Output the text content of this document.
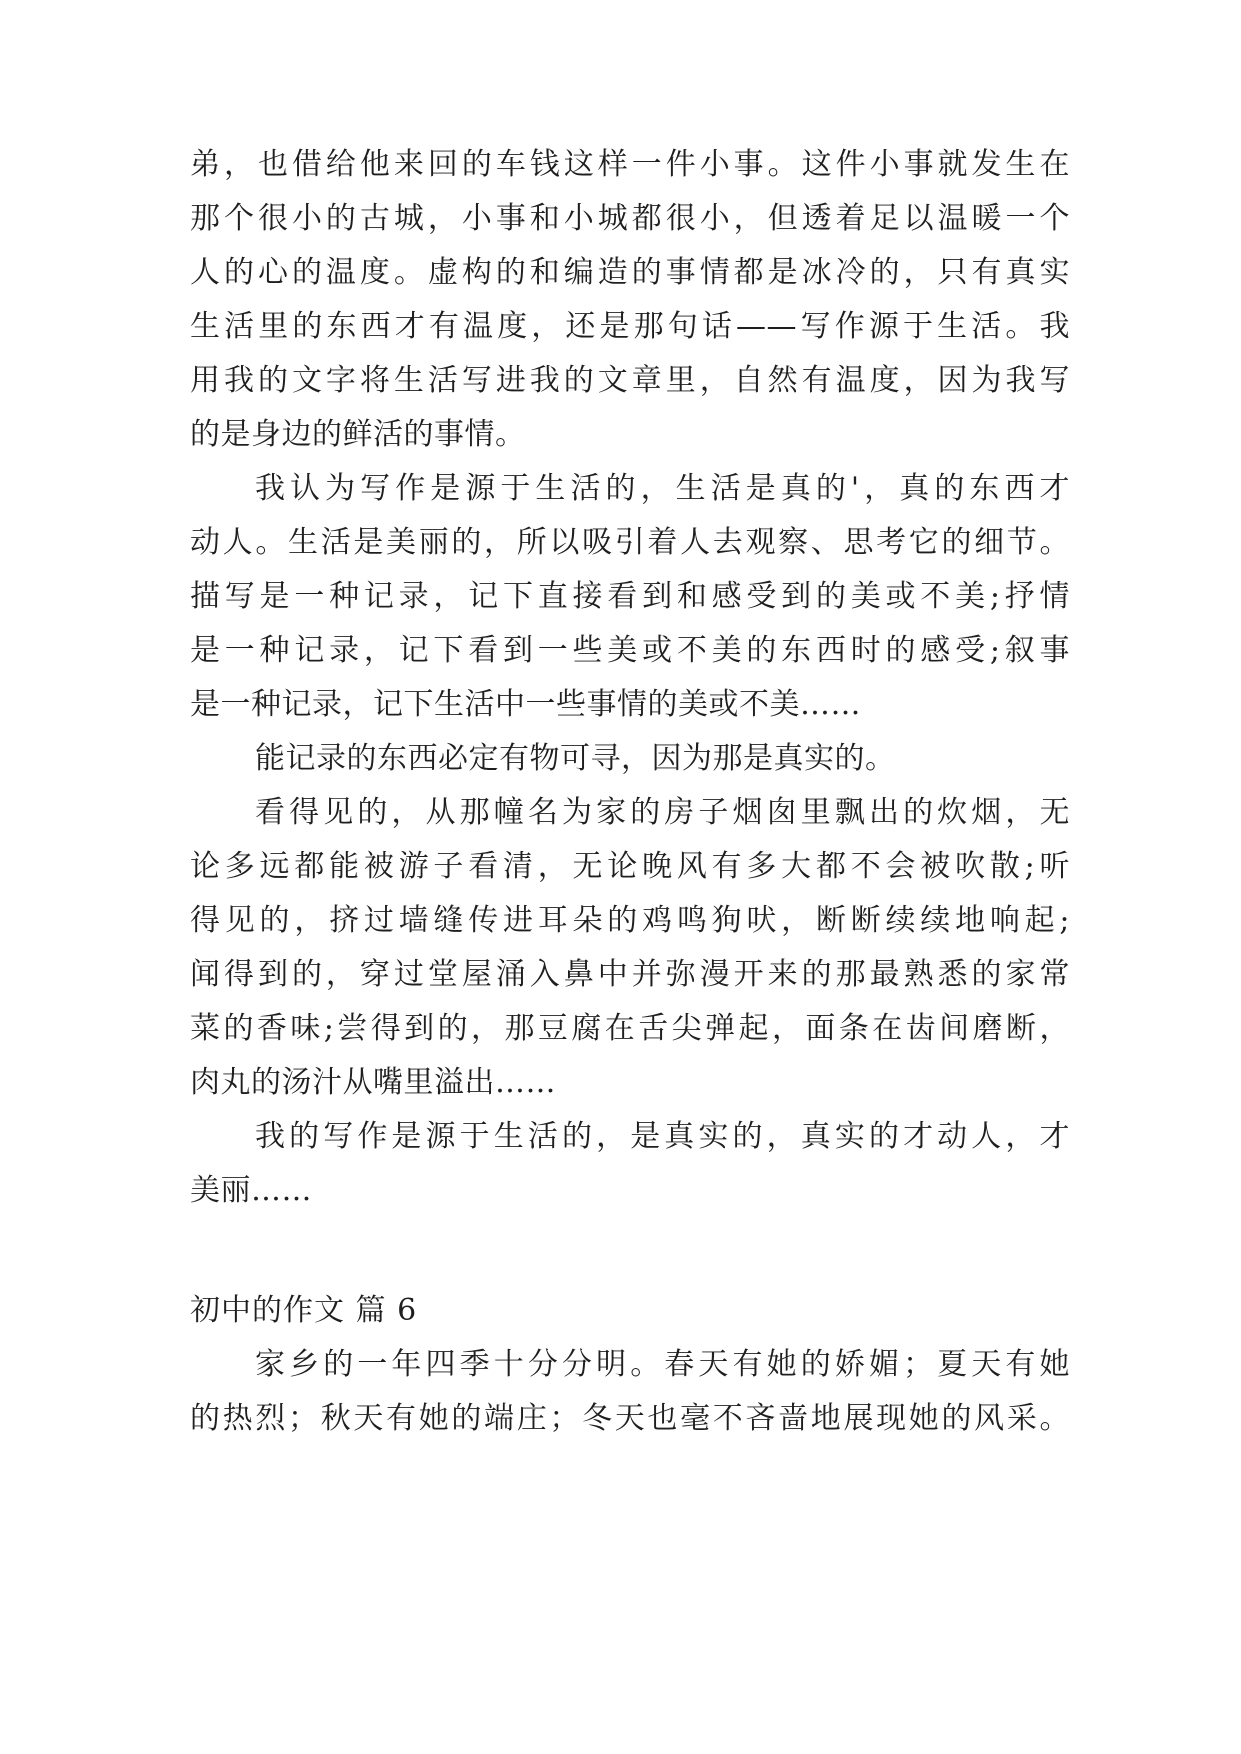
弟，也借给他来回的车钱这样一件小事。这件小事就发生在

那个很小的古城，小事和小城都很小，但透着足以温暖一个

人的心的温度。虚构的和编造的事情都是冰冷的，只有真实

生活里的东西才有温度，还是那句话——写作源于生活。我

用我的文字将生活写进我的文章里，自然有温度，因为我写

的是身边的鲜活的事情。

我认为写作是源于生活的，生活是真的'，真的东西才

动人。生活是美丽的，所以吸引着人去观察、思考它的细节。

描写是一种记录，记下直接看到和感受到的美或不美;抒情

是一种记录，记下看到一些美或不美的东西时的感受;叙事

是一种记录，记下生活中一些事情的美或不美……

能记录的东西必定有物可寻，因为那是真实的。

看得见的，从那幢名为家的房子烟囱里飘出的炊烟，无

论多远都能被游子看清，无论晚风有多大都不会被吹散;听

得见的，挤过墙缝传进耳朵的鸡鸣狗吠，断断续续地响起;

闻得到的，穿过堂屋涌入鼻中并弥漫开来的那最熟悉的家常

菜的香味;尝得到的，那豆腐在舌尖弹起，面条在齿间磨断，

肉丸的汤汁从嘴里溢出……

我的写作是源于生活的，是真实的，真实的才动人，才

美丽……

初中的作文 篇 6

家乡的一年四季十分分明。春天有她的娇媚；夏天有她

的热烈；秋天有她的端庄；冬天也毫不吝啬地展现她的风采。
